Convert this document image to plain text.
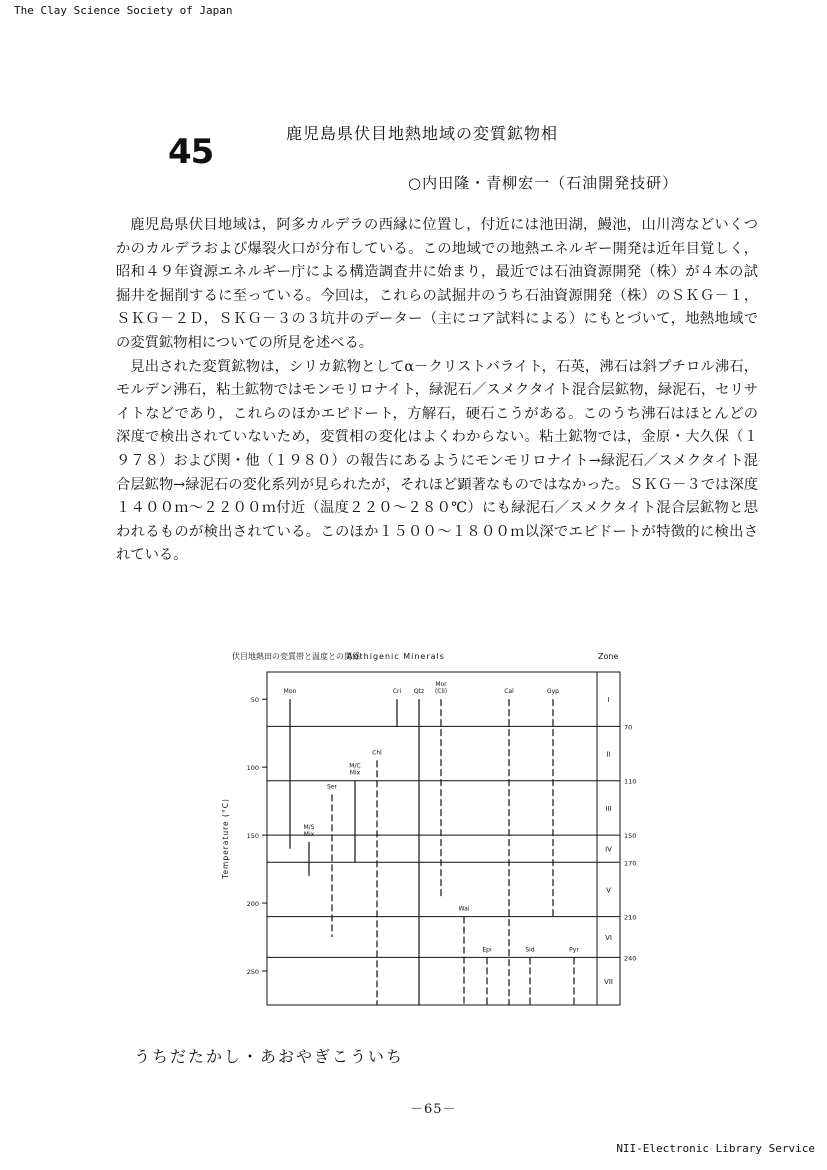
The Clay Science Society of Japan
45	鹿児島県伏目地熱地域の変質鉱物相
○内田隆・青柳宏一（石油開発技研）

鹿児島県伏目地域は，阿多カルデラの西縁に位置し，付近には池田湖，鰻池，山川湾などいくつかのカルデラおよび爆裂火口が分布している。この地域での地熱エネルギー開発は近年目覚しく，昭和４９年資源エネルギー庁による構造調査井に始まり，最近では石油資源開発（株）が４本の試掘井を掘削するに至っている。今回は，これらの試掘井のうち石油資源開発（株）のＳＫＧ－１，ＳＫＧ－２Ｄ，ＳＫＧ－３の３坑井のデーター（主にコア試料による）にもとづいて，地熱地域での変質鉱物相についての所見を述べる。

見出された変質鉱物は，シリカ鉱物としてα－クリストバライト，石英，沸石は斜プチロル沸石，モルデン沸石，粘土鉱物ではモンモリロナイト，緑泥石／スメクタイト混合层鉱物，緑泥石，セリサイトなどであり，これらのほかエピドート，方解石，硬石こうがある。このうち沸石はほとんどの深度で検出されていないため，変質相の変化はよくわからない。粘土鉱物では，金原・大久保（１９７８）および関・他（１９８０）の報告にあるようにモンモリロナイト→緑泥石／スメクタイト混合层鉱物→緑泥石の変化系列が見られたが，それほど顕著なものではなかった。ＳＫＧ－３では深度１４００ｍ～２２００ｍ付近（温度２２０～２８０℃）にも緑泥石／スメクタイト混合层鉱物と思われるものが検出されている。このほか１５００～１８００ｍ以深でエピドートが特徴的に検出されている。

伏目地熱田の変質帯と温度との関係
Authigenic Minerals	Zone
50
100
150
200
250
Temperature (°C)
70
110
150
170
210
240
I
II
III
IV
V
VI
VII
Mon
M/S
Mix
Ser
M/C
Mix
Chl
Cri Qtz
Mor
(Cli)	Cal	Gyp
Wai
Epi	Sid	Pyr
うちだたかし・あおやぎこういち
－65－
NII-Electronic Library Service
